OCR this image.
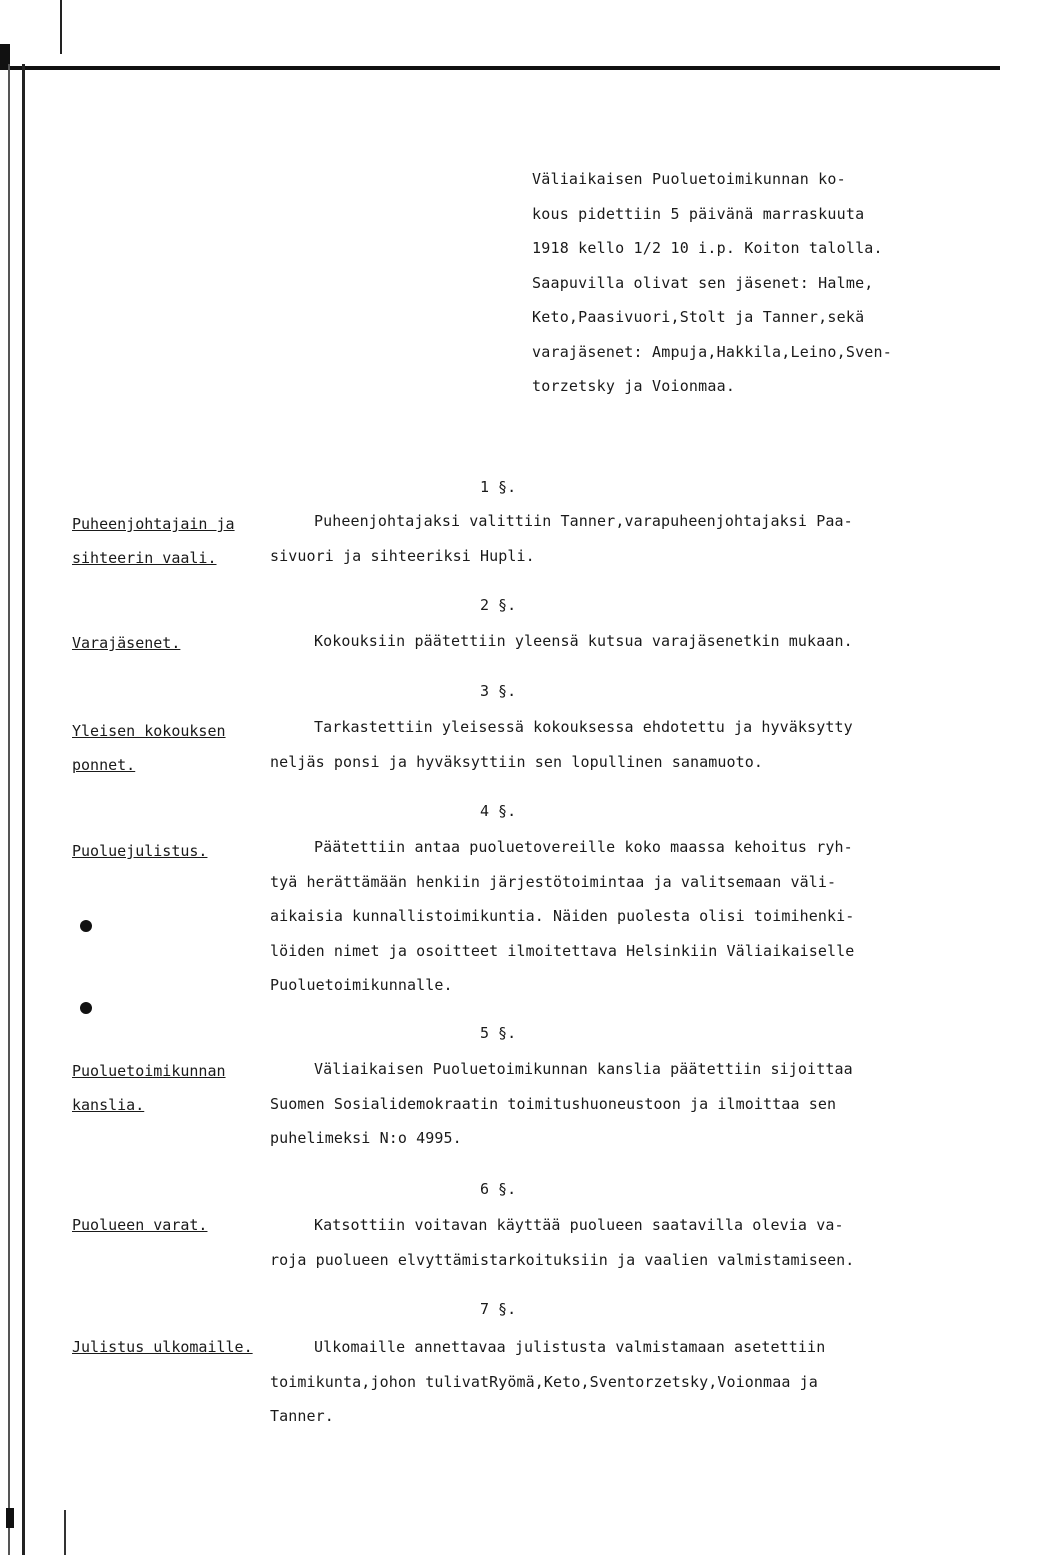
Väliaikaisen Puoluetoimikunnan ko-

kous pidettiin 5 päivänä marraskuuta

1918 kello 1/2 10 i.p. Koiton talolla.

Saapuvilla olivat sen jäsenet: Halme,

Keto,Paasivuori,Stolt ja Tanner,sekä

varajäsenet: Ampuja,Hakkila,Leino,Sven-

torzetsky ja Voionmaa.

1 §.
Puheenjohtajain ja
sihteerin vaali.

Puheenjohtajaksi valittiin Tanner,varapuheenjohtajaksi Paa-

sivuori ja sihteeriksi Hupli.

2 §.
Varajäsenet.	Kokouksiin päätettiin yleensä kutsua varajäsenetkin mukaan.

3 §.
Yleisen kokouksen
ponnet.

Tarkastettiin yleisessä kokouksessa ehdotettu ja hyväksytty

neljäs ponsi ja hyväksyttiin sen lopullinen sanamuoto.

4 §.
Puoluejulistus.	Päätettiin antaa puoluetovereille koko maassa kehoitus ryh-

tyä herättämään henkiin järjestötoimintaa ja valitsemaan väli-

aikaisia kunnallistoimikuntia. Näiden puolesta olisi toimihenki-

löiden nimet ja osoitteet ilmoitettava Helsinkiin Väliaikaiselle

Puoluetoimikunnalle.

5 §.
Puoluetoimikunnan
kanslia.

Väliaikaisen Puoluetoimikunnan kanslia päätettiin sijoittaa

Suomen Sosialidemokraatin toimitushuoneustoon ja ilmoittaa sen

puhelimeksi N:o 4995.

6 §.
Puolueen varat.	Katsottiin voitavan käyttää puolueen saatavilla olevia va-

roja puolueen elvyttämistarkoituksiin ja vaalien valmistamiseen.

7 §.
Julistus ulkomaille.	Ulkomaille annettavaa julistusta valmistamaan asetettiin

toimikunta,johon tulivatRyömä,Keto,Sventorzetsky,Voionmaa ja

Tanner.
